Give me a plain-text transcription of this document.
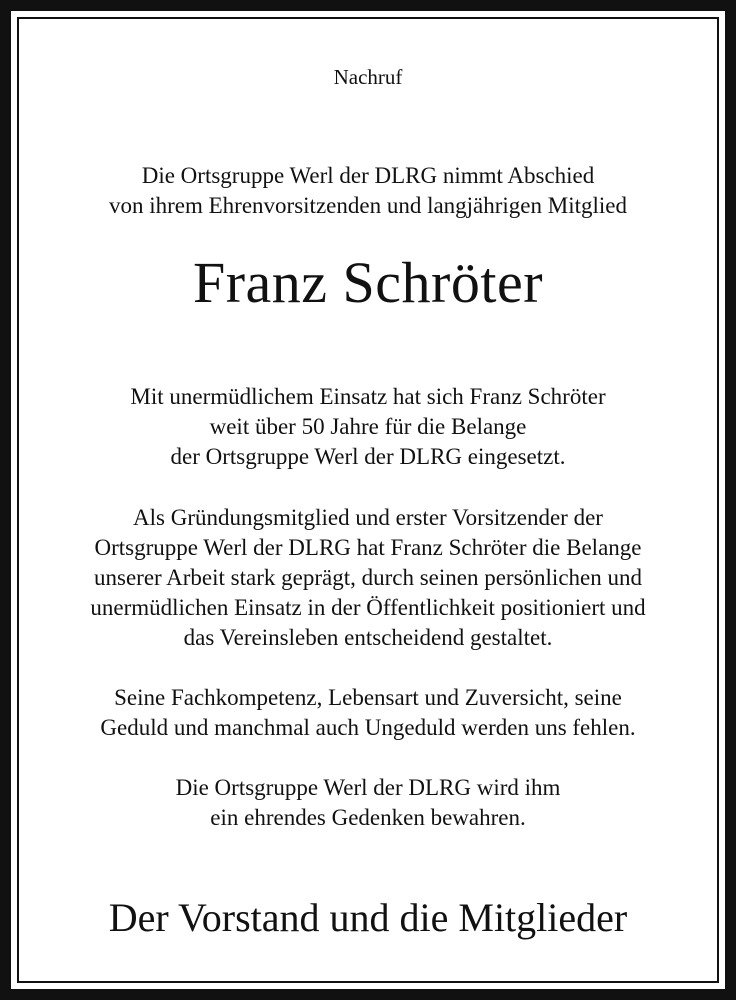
Nachruf
Die Ortsgruppe Werl der DLRG nimmt Abschied
von ihrem Ehrenvorsitzenden und langjährigen Mitglied
Franz Schröter
Mit unermüdlichem Einsatz hat sich Franz Schröter
weit über 50 Jahre für die Belange
der Ortsgruppe Werl der DLRG eingesetzt.
Als Gründungsmitglied und erster Vorsitzender der
Ortsgruppe Werl der DLRG hat Franz Schröter die Belange
unserer Arbeit stark geprägt, durch seinen persönlichen und
unermüdlichen Einsatz in der Öffentlichkeit positioniert und
das Vereinsleben entscheidend gestaltet.
Seine Fachkompetenz, Lebensart und Zuversicht, seine
Geduld und manchmal auch Ungeduld werden uns fehlen.
Die Ortsgruppe Werl der DLRG wird ihm
ein ehrendes Gedenken bewahren.
Der Vorstand und die Mitglieder
